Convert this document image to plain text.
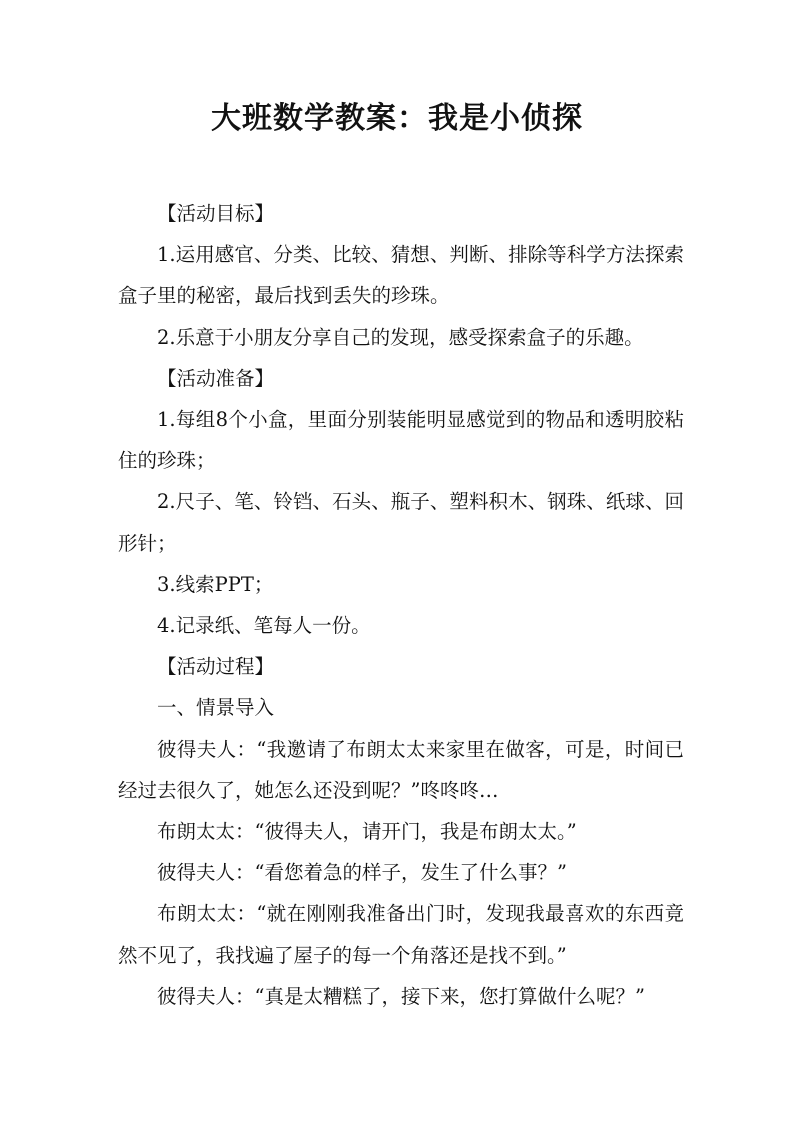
大班数学教案：我是小侦探

【活动目标】

1.运用感官、分类、比较、猜想、判断、排除等科学方法探索盒子里的秘密，最后找到丢失的珍珠。

2.乐意于小朋友分享自己的发现，感受探索盒子的乐趣。

【活动准备】

1.每组8个小盒，里面分别装能明显感觉到的物品和透明胶粘住的珍珠；

2.尺子、笔、铃铛、石头、瓶子、塑料积木、钢珠、纸球、回形针；

3.线索PPT；

4.记录纸、笔每人一份。

【活动过程】

一、情景导入

彼得夫人：“我邀请了布朗太太来家里在做客，可是，时间已经过去很久了，她怎么还没到呢？”咚咚咚…

布朗太太：“彼得夫人，请开门，我是布朗太太。”

彼得夫人：“看您着急的样子，发生了什么事？”

布朗太太：“就在刚刚我准备出门时，发现我最喜欢的东西竟然不见了，我找遍了屋子的每一个角落还是找不到。”

彼得夫人：“真是太糟糕了，接下来，您打算做什么呢？”
